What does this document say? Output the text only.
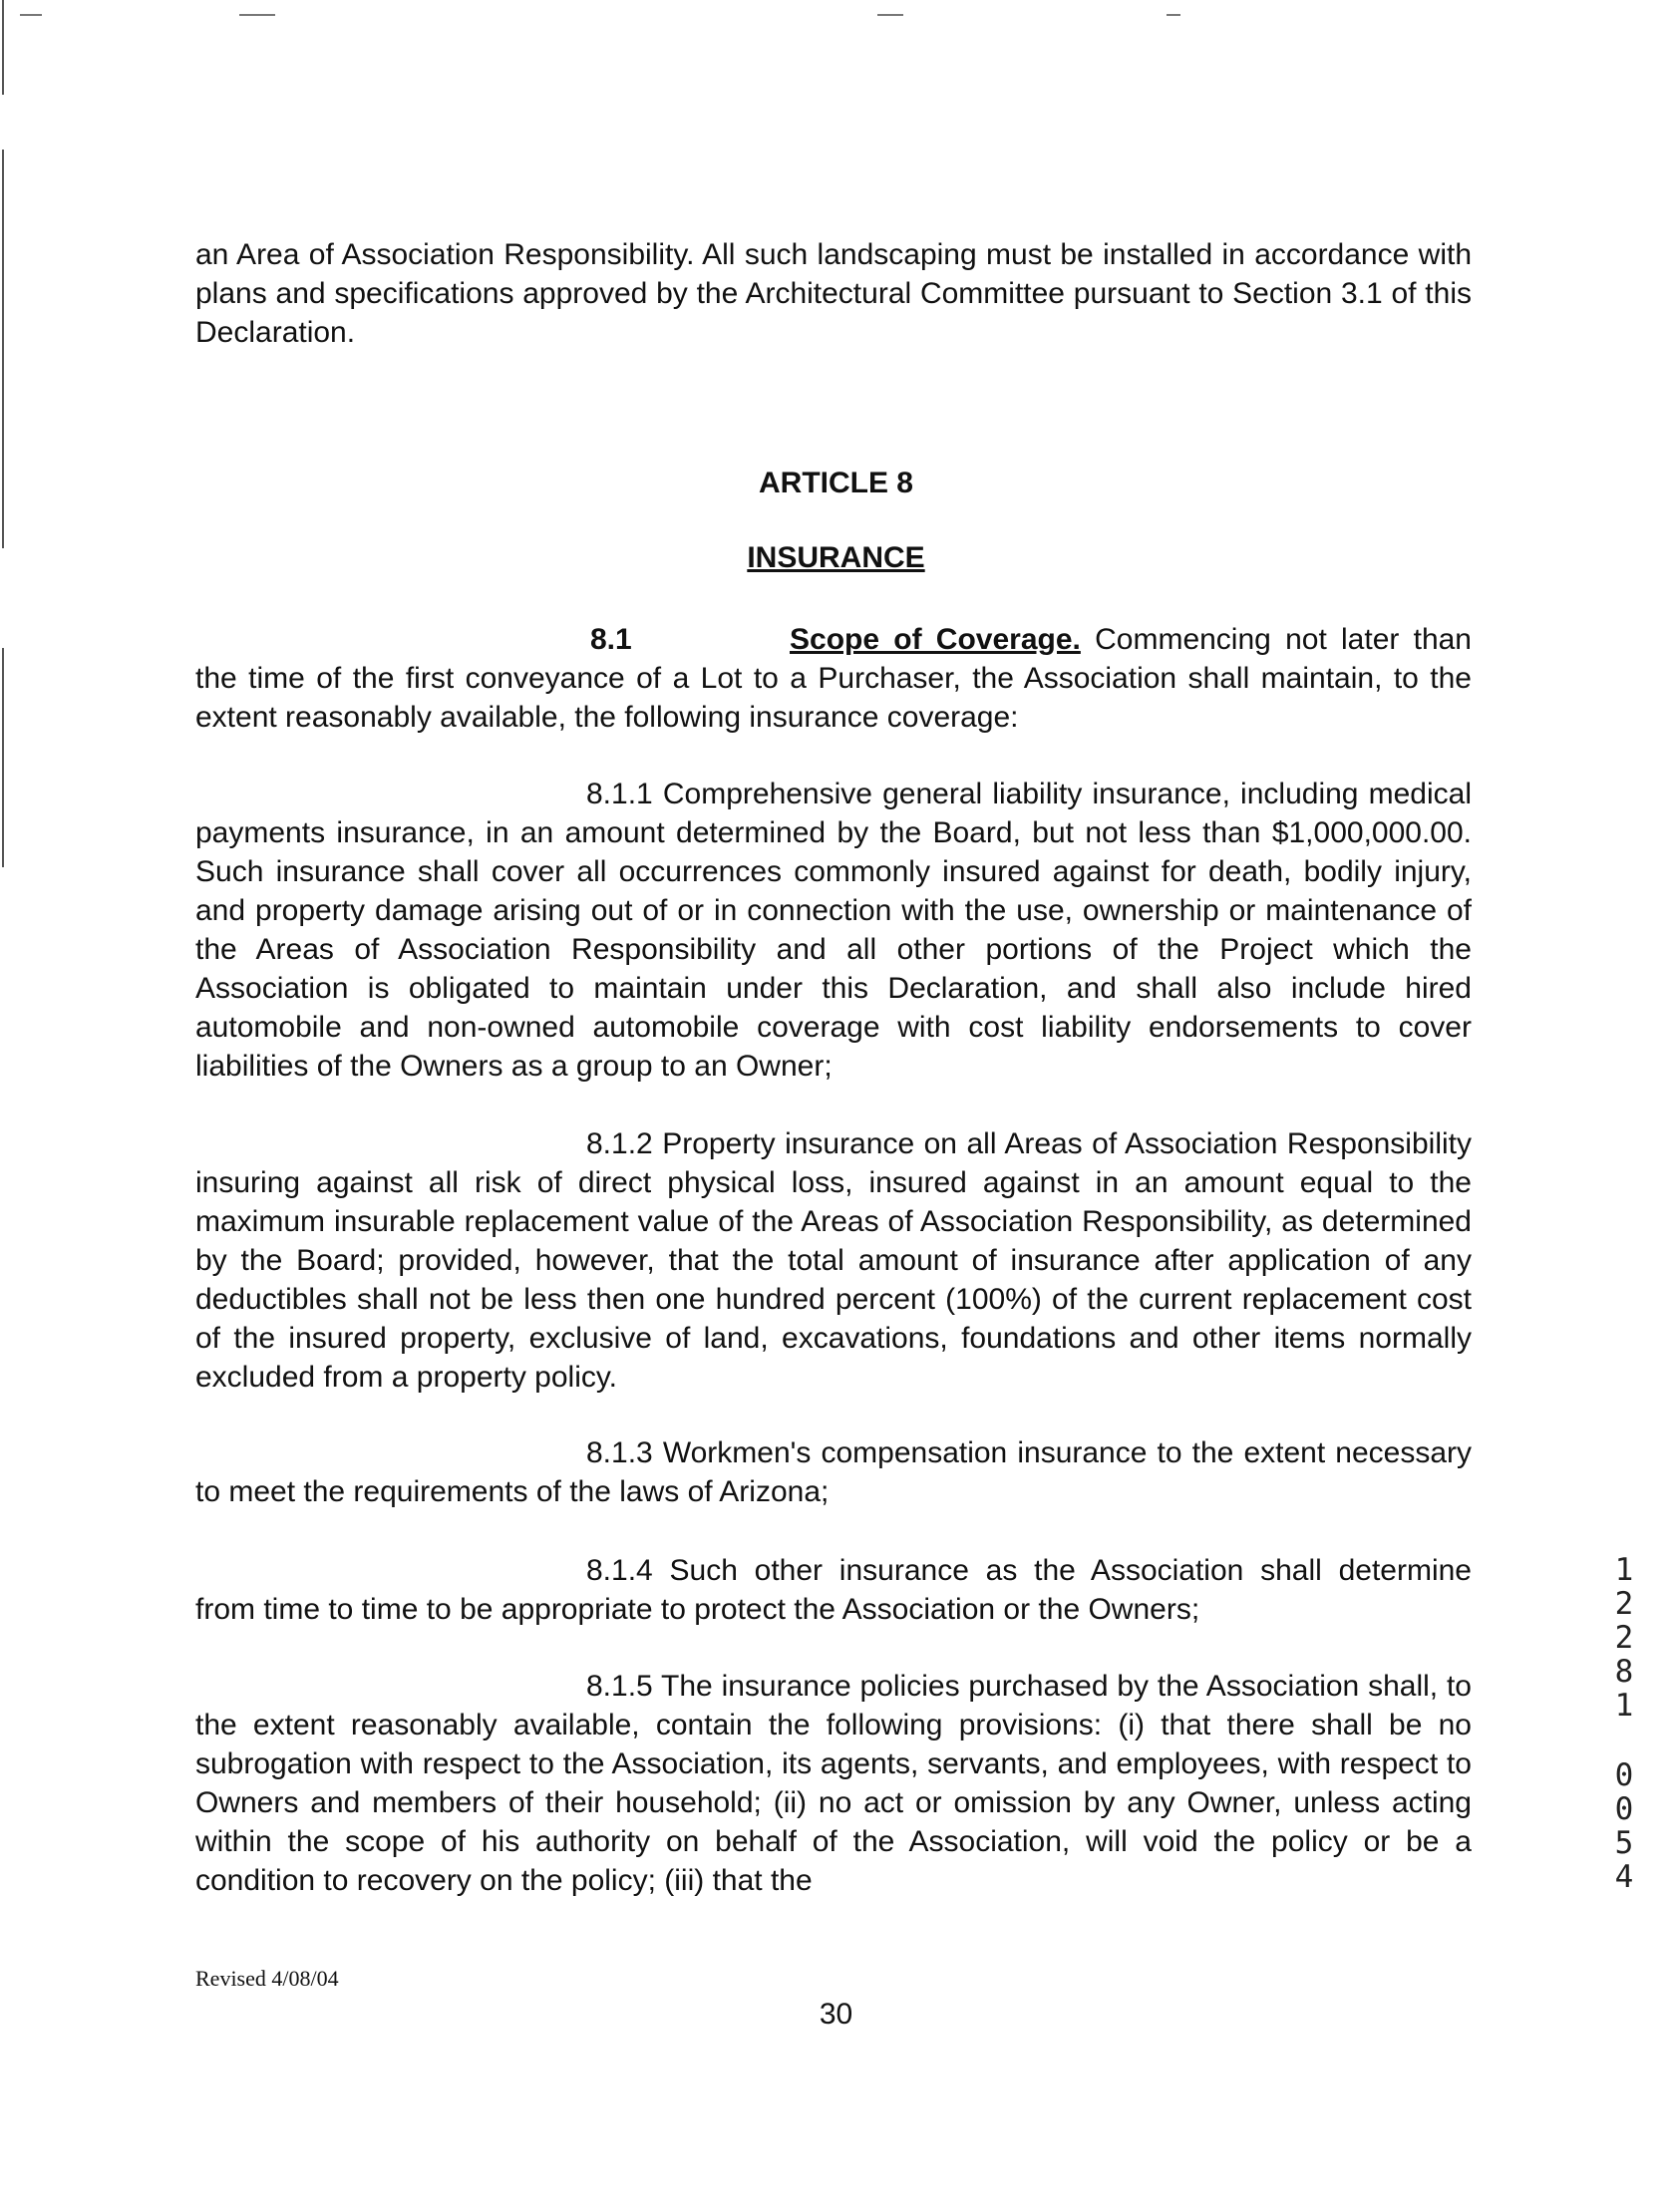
an Area of Association Responsibility. All such landscaping must be installed in accordance with plans and specifications approved by the Architectural Committee pursuant to Section 3.1 of this Declaration.

ARTICLE 8

INSURANCE

8.1	Scope of Coverage. Commencing not later than the time of the first conveyance of a Lot to a Purchaser, the Association shall maintain, to the extent reasonably available, the following insurance coverage:

8.1.1 Comprehensive general liability insurance, including medical payments insurance, in an amount determined by the Board, but not less than $1,000,000.00. Such insurance shall cover all occurrences commonly insured against for death, bodily injury, and property damage arising out of or in connection with the use, ownership or maintenance of the Areas of Association Responsibility and all other portions of the Project which the Association is obligated to maintain under this Declaration, and shall also include hired automobile and non-owned automobile coverage with cost liability endorsements to cover liabilities of the Owners as a group to an Owner;

8.1.2 Property insurance on all Areas of Association Responsibility insuring against all risk of direct physical loss, insured against in an amount equal to the maximum insurable replacement value of the Areas of Association Responsibility, as determined by the Board; provided, however, that the total amount of insurance after application of any deductibles shall not be less then one hundred percent (100%) of the current replacement cost of the insured property, exclusive of land, excavations, foundations and other items normally excluded from a property policy.

8.1.3 Workmen's compensation insurance to the extent necessary to meet the requirements of the laws of Arizona;

8.1.4 Such other insurance as the Association shall determine from time to time to be appropriate to protect the Association or the Owners;

8.1.5 The insurance policies purchased by the Association shall, to the extent reasonably available, contain the following provisions: (i) that there shall be no subrogation with respect to the Association, its agents, servants, and employees, with respect to Owners and members of their household; (ii) no act or omission by any Owner, unless acting within the scope of his authority on behalf of the Association, will void the policy or be a condition to recovery on the policy; (iii) that the

Revised 4/08/04
30
1
2
2
8
1
0
0
5
4
